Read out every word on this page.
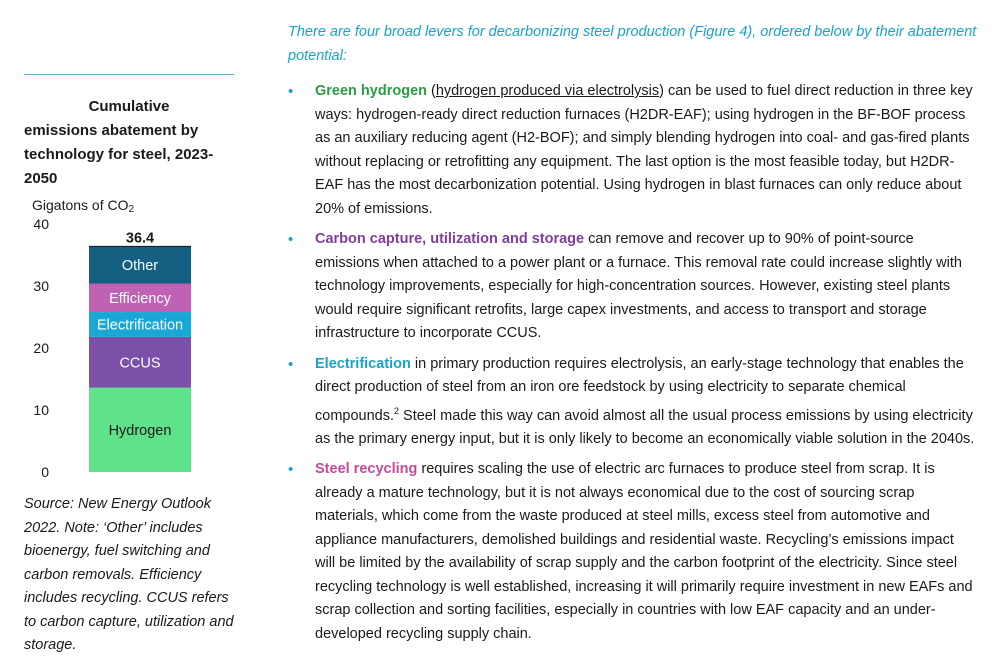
Cumulative
emissions abatement by
technology for steel, 2023-
2050
Gigatons of $CO_2$
0
10
20
30
40
Hydrogen
CCUS
Electrification
Efficiency
Other
36.4
Source: New Energy Outlook 2022. Note: ‘Other’ includes bioenergy, fuel switching and carbon removals. Efficiency includes recycling. CCUS refers to carbon capture, utilization and storage.
There are four broad levers for decarbonizing steel production (Figure 4), ordered below by their abatement potential:
• Green hydrogen (hydrogen produced via electrolysis) can be used to fuel direct reduction in three key ways: hydrogen-ready direct reduction furnaces (H2DR-EAF); using hydrogen in the BF-BOF process as an auxiliary reducing agent (H2-BOF); and simply blending hydrogen into coal- and gas-fired plants without replacing or retrofitting any equipment. The last option is the most feasible today, but H2DR-EAF has the most decarbonization potential. Using hydrogen in blast furnaces can only reduce about 20% of emissions.
• Carbon capture, utilization and storage can remove and recover up to 90% of point-source emissions when attached to a power plant or a furnace. This removal rate could increase slightly with technology improvements, especially for high-concentration sources. However, existing steel plants would require significant retrofits, large capex investments, and access to transport and storage infrastructure to incorporate CCUS.
• Electrification in primary production requires electrolysis, an early-stage technology that enables the direct production of steel from an iron ore feedstock by using electricity to separate chemical compounds.$^2$ Steel made this way can avoid almost all the usual process emissions by using electricity as the primary energy input, but it is only likely to become an economically viable solution in the 2040s.
• Steel recycling requires scaling the use of electric arc furnaces to produce steel from scrap. It is already a mature technology, but it is not always economical due to the cost of sourcing scrap materials, which come from the waste produced at steel mills, excess steel from automotive and appliance manufacturers, demolished buildings and residential waste. Recycling’s emissions impact will be limited by the availability of scrap supply and the carbon footprint of the electricity. Since steel recycling technology is well established, increasing it will primarily require investment in new EAFs and scrap collection and sorting facilities, especially in countries with low EAF capacity and an under-developed recycling supply chain.
